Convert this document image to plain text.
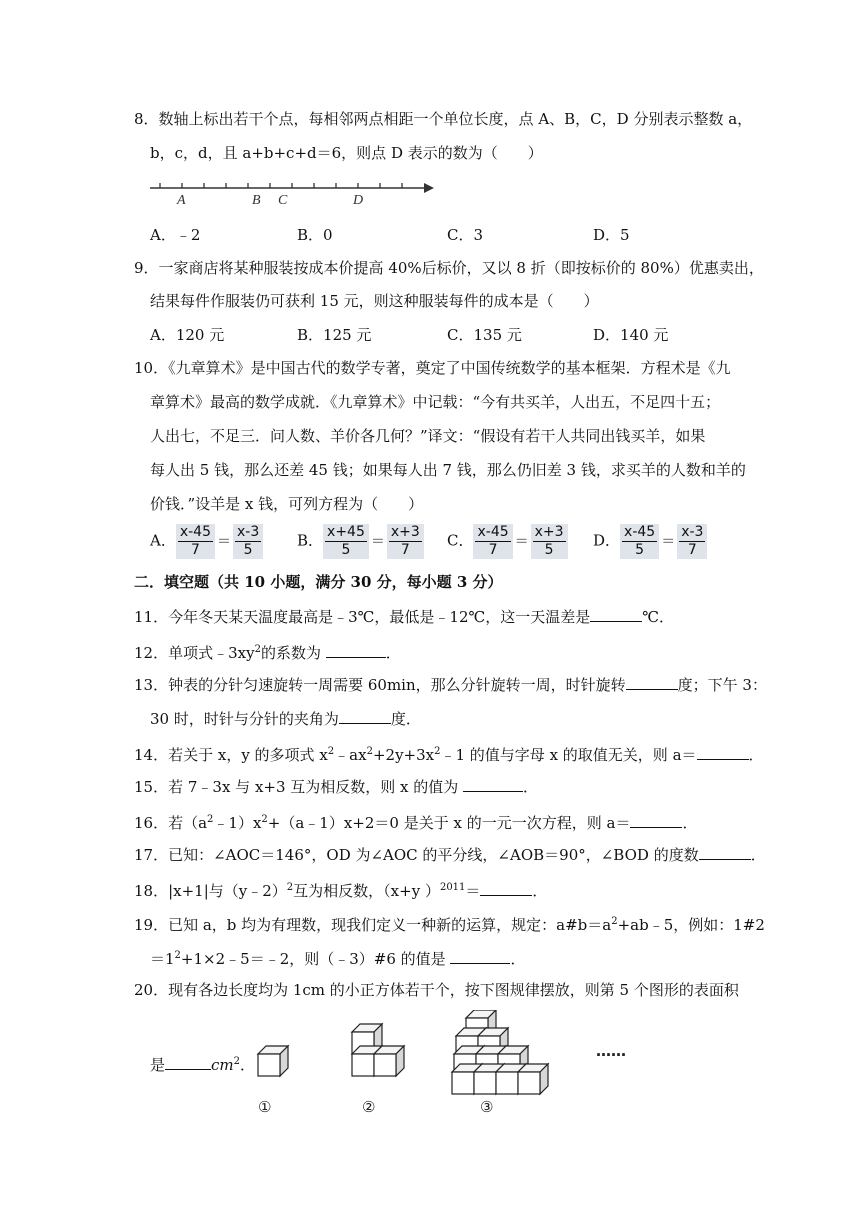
8．数轴上标出若干个点，每相邻两点相距一个单位长度，点 A、B，C，D 分别表示整数 a，
b，c，d，且 a+b+c+d＝6，则点 D 表示的数为（　　）
A	B C	D
A．﹣2	B．0	C．3	D．5
9．一家商店将某种服装按成本价提高 40%后标价，又以 8 折（即按标价的 80%）优惠卖出，
结果每件作服装仍可获利 15 元，则这种服装每件的成本是（　　）
A．120 元	B．125 元	C．135 元	D．140 元
10．《九章算术》是中国古代的数学专著，奠定了中国传统数学的基本框架．方程术是《九
章算术》最高的数学成就．《九章算术》中记载：“今有共买羊，人出五，不足四十五；
人出七，不足三．问人数、羊价各几何？”译文：“假设有若干人共同出钱买羊，如果
每人出 5 钱，那么还差 45 钱；如果每人出 7 钱，那么仍旧差 3 钱，求买羊的人数和羊的
价钱．”设羊是 x 钱，可列方程为（　　）
A． $\frac{x-45}{7} = \frac{x-3}{5}$ B． $\frac{x+45}{5} = \frac{x+3}{7}$ C． $\frac{x-45}{7} = \frac{x+3}{5}$ D． $\frac{x-45}{5} = \frac{x-3}{7}$
二．填空题（共 10 小题，满分 30 分，每小题 3 分）
11．今年冬天某天温度最高是﹣3℃，最低是﹣12℃，这一天温差是	℃．
12．单项式$﹣3xy^2$的系数为	．
13．钟表的分针匀速旋转一周需要 60min，那么分针旋转一周，时针旋转	度；下午 3：
30 时，时针与分针的夹角为	度．
14．若关于 x，y 的多项式 $x^2﹣ax^2+2y+3x^2﹣1$ 的值与字母 x 的取值无关，则 a＝	．
15．若 7﹣3x 与 x+3 互为相反数，则 x 的值为	．
16．若$(a^2﹣1)x^2+(a﹣1)x+2=0$ 是关于 x 的一元一次方程，则 a＝	．
17．已知：∠AOC＝146°，OD 为∠AOC 的平分线，∠AOB＝90°，∠BOD 的度数	．
18．|x+1|与（y﹣2）$^2$互为相反数，（x+y ）$^{2011}$＝	．
19．已知 a，b 均为有理数，现我们定义一种新的运算，规定：$a\#b=a^2+ab﹣5$，例如：1#2
$=1^2+1\times 2﹣5=﹣2$，则（﹣3）#6 的值是	．
20．现有各边长度均为 1cm 的小正方体若干个，按下图规律摆放，则第 5 个图形的表面积
是	$cm^2$．
①	②	③
……
